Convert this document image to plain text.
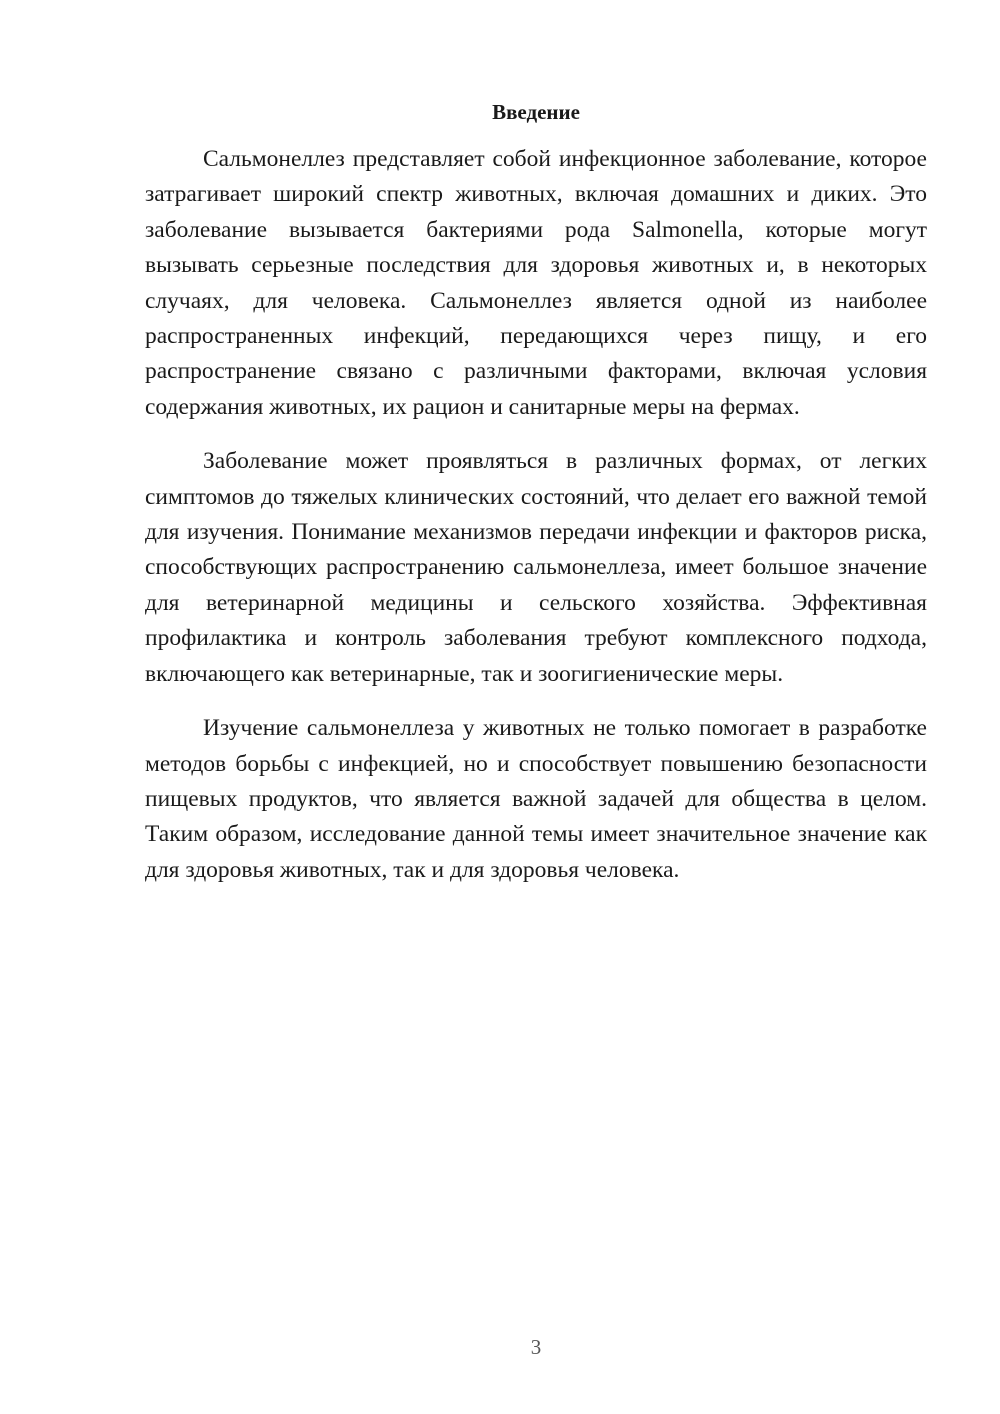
Введение

Сальмонеллез представляет собой инфекционное заболевание, которое затрагивает широкий спектр животных, включая домашних и диких. Это заболевание вызывается бактериями рода Salmonella, которые могут вызывать серьезные последствия для здоровья животных и, в некоторых случаях, для человека. Сальмонеллез является одной из наиболее распространенных инфекций, передающихся через пищу, и его распространение связано с различными факторами, включая условия содержания животных, их рацион и санитарные меры на фермах.

Заболевание может проявляться в различных формах, от легких симптомов до тяжелых клинических состояний, что делает его важной темой для изучения. Понимание механизмов передачи инфекции и факторов риска, способствующих распространению сальмонеллеза, имеет большое значение для ветеринарной медицины и сельского хозяйства. Эффективная профилактика и контроль заболевания требуют комплексного подхода, включающего как ветеринарные, так и зоогигиенические меры.

Изучение сальмонеллеза у животных не только помогает в разработке методов борьбы с инфекцией, но и способствует повышению безопасности пищевых продуктов, что является важной задачей для общества в целом. Таким образом, исследование данной темы имеет значительное значение как для здоровья животных, так и для здоровья человека.

3
